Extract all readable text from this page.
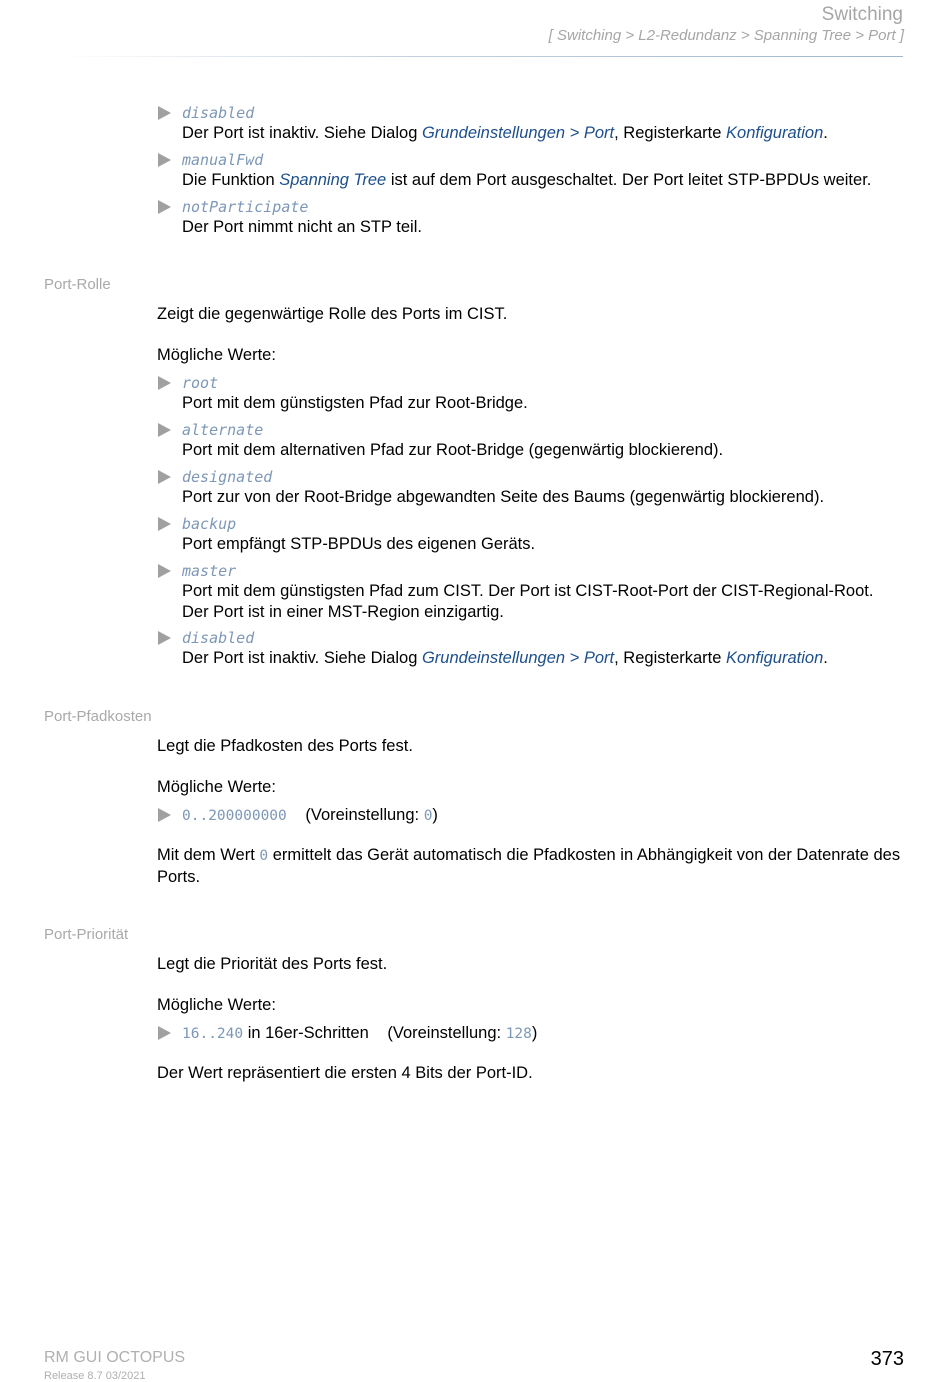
Switching
[ Switching > L2-Redundanz > Spanning Tree > Port ]
disabled
Der Port ist inaktiv. Siehe Dialog Grundeinstellungen > Port, Registerkarte Konfiguration.
manualFwd
Die Funktion Spanning Tree ist auf dem Port ausgeschaltet. Der Port leitet STP-BPDUs weiter.
notParticipate
Der Port nimmt nicht an STP teil.
Port-Rolle
Zeigt die gegenwärtige Rolle des Ports im CIST.
Mögliche Werte:
root
Port mit dem günstigsten Pfad zur Root-Bridge.
alternate
Port mit dem alternativen Pfad zur Root-Bridge (gegenwärtig blockierend).
designated
Port zur von der Root-Bridge abgewandten Seite des Baums (gegenwärtig blockierend).
backup
Port empfängt STP-BPDUs des eigenen Geräts.
master
Port mit dem günstigsten Pfad zum CIST. Der Port ist CIST-Root-Port der CIST-Regional-Root.
Der Port ist in einer MST-Region einzigartig.
disabled
Der Port ist inaktiv. Siehe Dialog Grundeinstellungen > Port, Registerkarte Konfiguration.
Port-Pfadkosten
Legt die Pfadkosten des Ports fest.
Mögliche Werte:
0..200000000 (Voreinstellung: 0)
Mit dem Wert 0 ermittelt das Gerät automatisch die Pfadkosten in Abhängigkeit von der Datenrate des Ports.
Port-Priorität
Legt die Priorität des Ports fest.
Mögliche Werte:
16..240 in 16er-Schritten (Voreinstellung: 128)
Der Wert repräsentiert die ersten 4 Bits der Port-ID.
RM GUI OCTOPUS
Release 8.7 03/2021
373
